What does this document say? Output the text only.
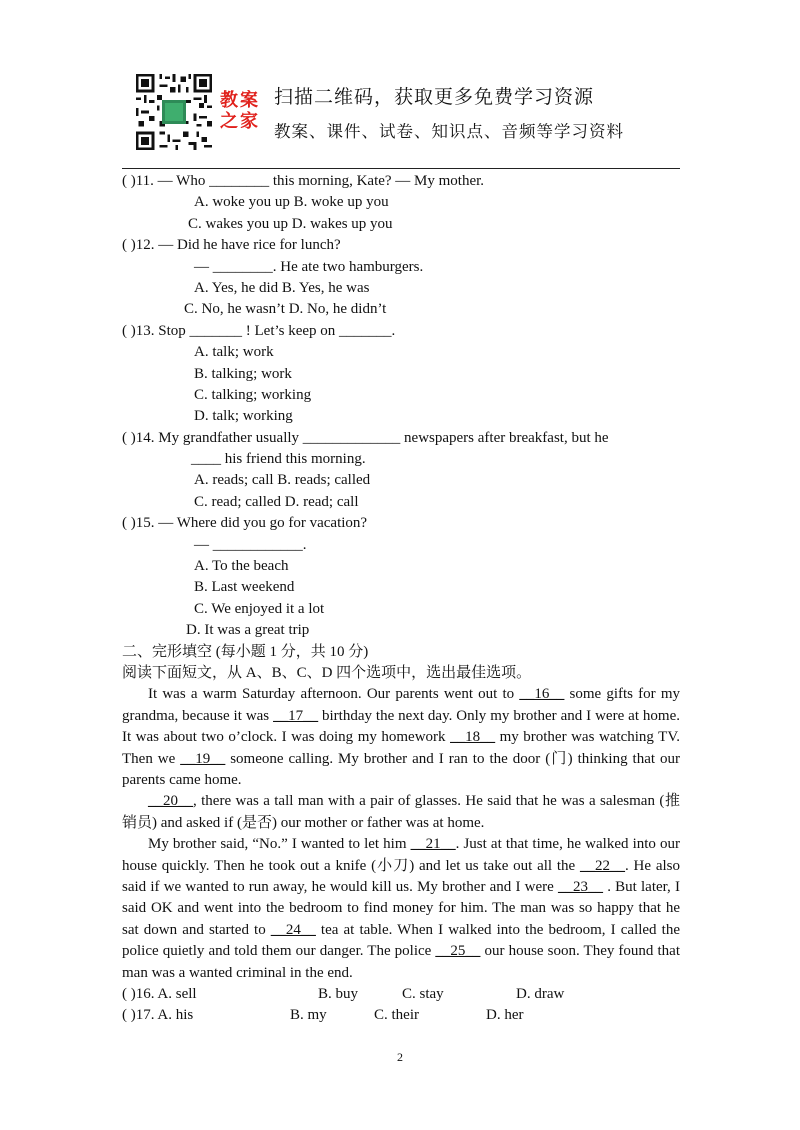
教案之家
扫描二维码，获取更多免费学习资源
教案、课件、试卷、知识点、音频等学习资料
( )11. — Who ________ this morning, Kate? — My mother.
A. woke you up B. woke up you
C. wakes you up D. wakes up you
( )12. — Did he have rice for lunch?
— ________. He ate two hamburgers.
A. Yes, he did B. Yes, he was
C. No, he wasn’t D. No, he didn’t
( )13. Stop _______ ! Let’s keep on _______.
A. talk; work
B. talking; work
C. talking; working
D. talk; working
( )14. My grandfather usually _____________ newspapers after breakfast, but he
____ his friend this morning.
A. reads; call B. reads; called
C. read; called D. read; call
( )15. — Where did you go for vacation?
— ____________.
A. To the beach
B. Last weekend
C. We enjoyed it a lot
D. It was a great trip
二、完形填空 (每小题 1 分，共 10 分)
阅读下面短文，从 A、B、C、D 四个选项中，选出最佳选项。
It was a warm Saturday afternoon. Our parents went out to __16__ some gifts for my grandma, because it was __17__ birthday the next day. Only my brother and I were at home. It was about two o’clock. I was doing my homework __18__ my brother was watching TV. Then we __19__ someone calling. My brother and I ran to the door (门) thinking that our parents came home.
__20__, there was a tall man with a pair of glasses. He said that he was a salesman (推销员) and asked if (是否) our mother or father was at home.
My brother said, “No.” I wanted to let him __21__. Just at that time, he walked into our house quickly. Then he took out a knife (小刀) and let us take out all the __22__. He also said if we wanted to run away, he would kill us. My brother and I were __23__ . But later, I said OK and went into the bedroom to find money for him. The man was so happy that he sat down and started to __24__ tea at table. When I walked into the bedroom, I called the police quietly and told them our danger. The police __25__ our house soon. They found that man was a wanted criminal in the end.
( )16. A. sell	B. buy	C. stay	D. draw
( )17. A. his	B. my	C. their	D. her
2
